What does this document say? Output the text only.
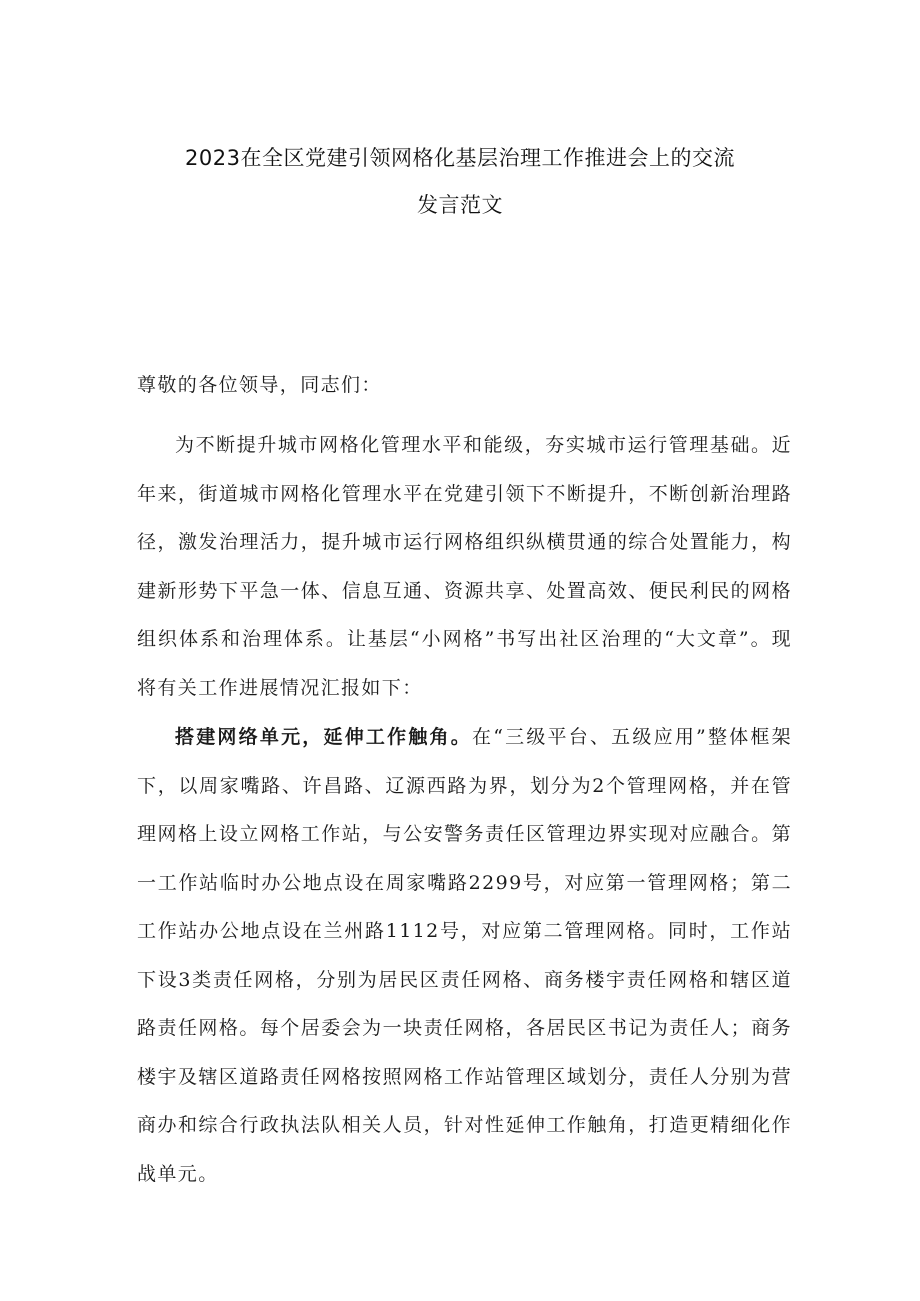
2023在全区党建引领网格化基层治理工作推进会上的交流
发言范文
尊敬的各位领导，同志们：

为不断提升城市网格化管理水平和能级，夯实城市运行管理基础。近年来，街道城市网格化管理水平在党建引领下不断提升，不断创新治理路径，激发治理活力，提升城市运行网格组织纵横贯通的综合处置能力，构建新形势下平急一体、信息互通、资源共享、处置高效、便民利民的网格组织体系和治理体系。让基层“小网格”书写出社区治理的“大文章”。现将有关工作进展情况汇报如下：

搭建网络单元，延伸工作触角。在“三级平台、五级应用”整体框架下，以周家嘴路、许昌路、辽源西路为界，划分为2个管理网格，并在管理网格上设立网格工作站，与公安警务责任区管理边界实现对应融合。第一工作站临时办公地点设在周家嘴路2299号，对应第一管理网格；第二工作站办公地点设在兰州路1112号，对应第二管理网格。同时，工作站下设3类责任网格，分别为居民区责任网格、商务楼宇责任网格和辖区道路责任网格。每个居委会为一块责任网格，各居民区书记为责任人；商务楼宇及辖区道路责任网格按照网格工作站管理区域划分，责任人分别为营商办和综合行政执法队相关人员，针对性延伸工作触角，打造更精细化作战单元。
